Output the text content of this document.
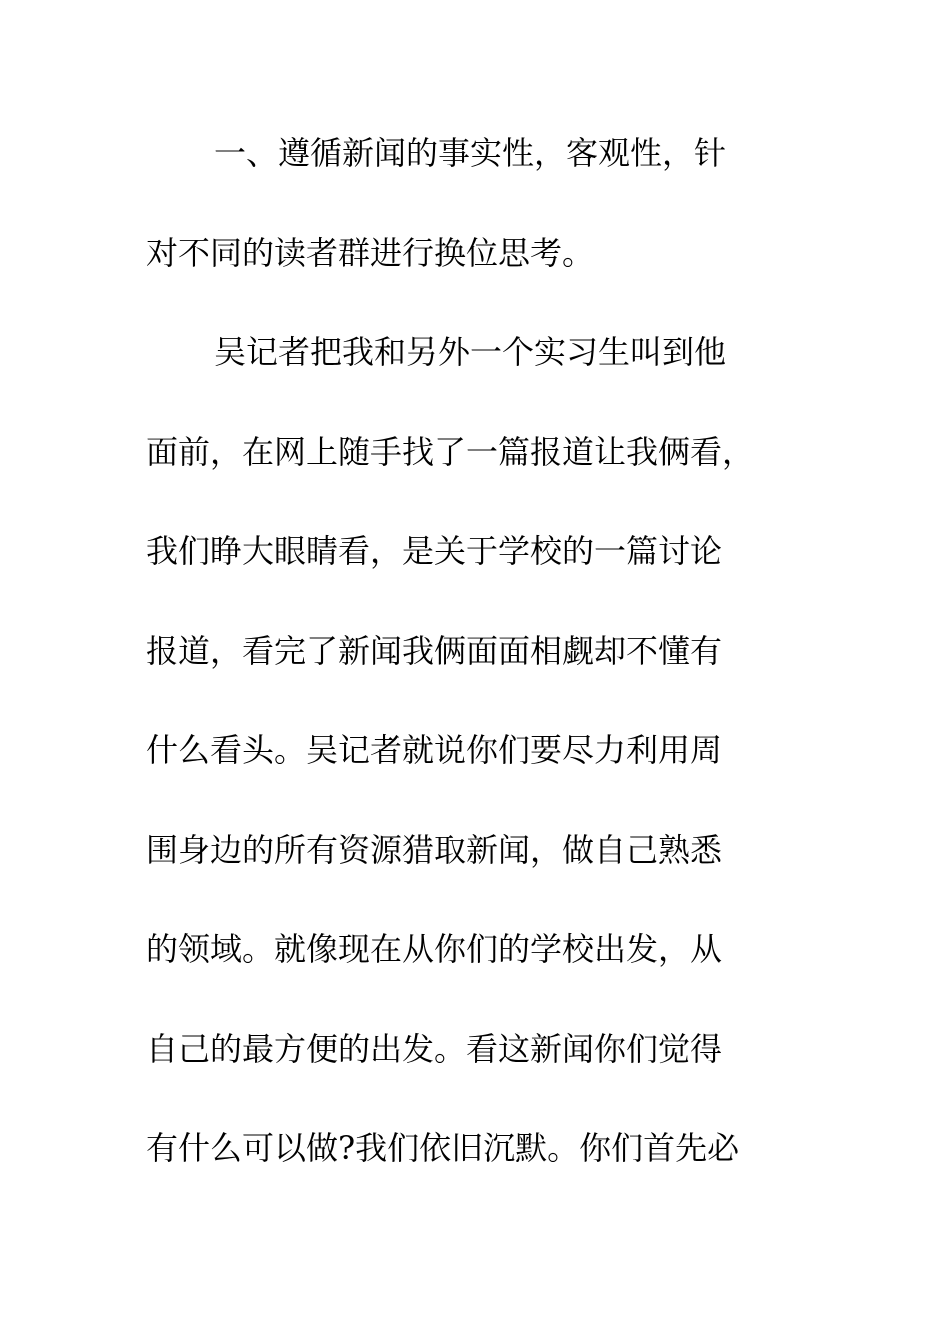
一、遵循新闻的事实性，客观性，针
对不同的读者群进行换位思考。
吴记者把我和另外一个实习生叫到他
面前，在网上随手找了一篇报道让我俩看，
我们睁大眼睛看，是关于学校的一篇讨论
报道，看完了新闻我俩面面相觑却不懂有
什么看头。吴记者就说你们要尽力利用周
围身边的所有资源猎取新闻，做自己熟悉
的领域。就像现在从你们的学校出发，从
自己的最方便的出发。看这新闻你们觉得
有什么可以做?我们依旧沉默。你们首先必
